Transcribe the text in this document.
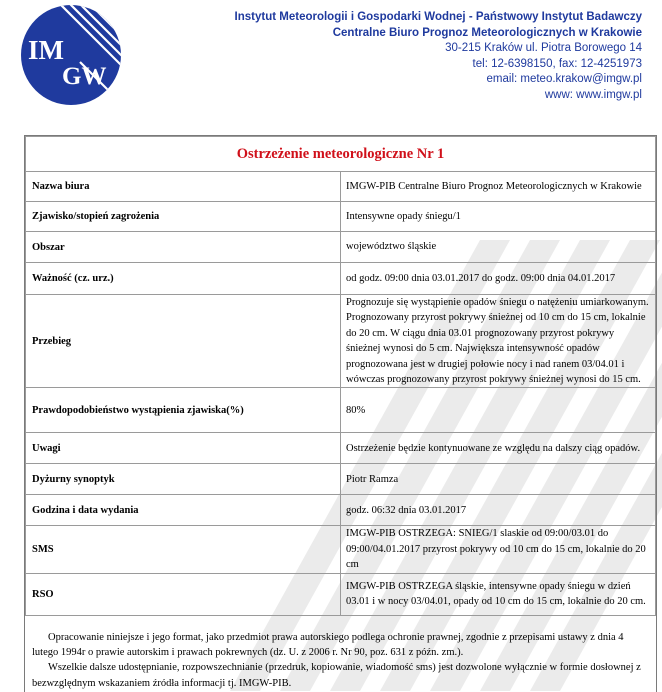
IM
GW
Instytut Meteorologii i Gospodarki Wodnej - Państwowy Instytut Badawczy
Centralne Biuro Prognoz Meteorologicznych w Krakowie
30-215 Kraków ul. Piotra Borowego 14
tel: 12-6398150, fax: 12-4251973
email: meteo.krakow@imgw.pl
www: www.imgw.pl
Ostrzeżenie meteorologiczne Nr 1	
Nazwa biura	IMGW-PIB Centralne Biuro Prognoz Meteorologicznych w Krakowie
Zjawisko/stopień zagrożenia	Intensywne opady śniegu/1
Obszar	województwo śląskie
Ważność (cz. urz.)	od godz. 09:00 dnia 03.01.2017 do godz. 09:00 dnia 04.01.2017
Przebieg	Prognozuje się wystąpienie opadów śniegu o natężeniu umiarkowanym. Prognozowany przyrost pokrywy śnieżnej od 10 cm do 15 cm, lokalnie do 20 cm. W ciągu dnia 03.01 prognozowany przyrost pokrywy śnieżnej wynosi do 5 cm. Największa intensywność opadów prognozowana jest w drugiej połowie nocy i nad ranem 03/04.01 i wówczas prognozowany przyrost pokrywy śnieżnej wynosi do 15 cm.
Prawdopodobieństwo wystąpienia zjawiska(%)	80%
Uwagi	Ostrzeżenie będzie kontynuowane ze względu na dalszy ciąg opadów.
Dyżurny synoptyk	Piotr Ramza
Godzina i data wydania	godz. 06:32 dnia 03.01.2017
SMS	IMGW-PIB OSTRZEGA: SNIEG/1 slaskie od 09:00/03.01 do 09:00/04.01.2017 przyrost pokrywy od 10 cm do 15 cm, lokalnie do 20 cm
RSO	IMGW-PIB OSTRZEGA śląskie, intensywne opady śniegu w dzień 03.01 i w nocy 03/04.01, opady od 10 cm do 15 cm, lokalnie do 20 cm.

Opracowanie niniejsze i jego format, jako przedmiot prawa autorskiego podlega ochronie prawnej, zgodnie z przepisami ustawy z dnia 4 lutego 1994r o prawie autorskim i prawach pokrewnych (dz. U. z 2006 r. Nr 90, poz. 631 z późn. zm.).

Wszelkie dalsze udostępnianie, rozpowszechnianie (przedruk, kopiowanie, wiadomość sms) jest dozwolone wyłącznie w formie dosłownej z bezwzględnym wskazaniem źródła informacji tj. IMGW-PIB.
